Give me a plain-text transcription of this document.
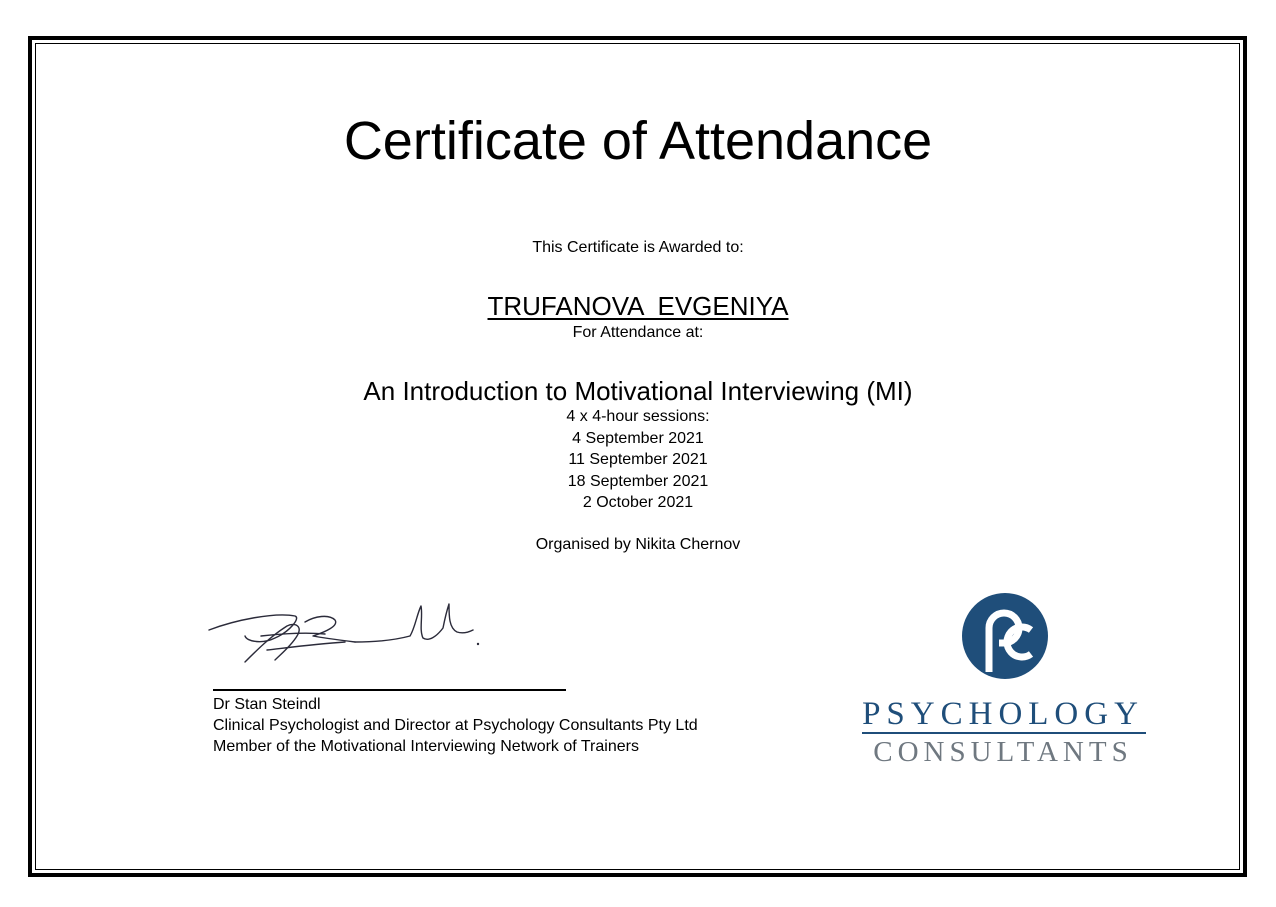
Certificate of Attendance
This Certificate is Awarded to:
TRUFANOVA  EVGENIYA
For Attendance at:
An Introduction to Motivational Interviewing (MI)
4 x 4-hour sessions:
4 September 2021
11 September 2021
18 September 2021
2 October 2021
Organised by Nikita Chernov
Dr Stan Steindl
Clinical Psychologist and Director at Psychology Consultants Pty Ltd
Member of the Motivational Interviewing Network of Trainers
PSYCHOLOGY
CONSULTANTS
